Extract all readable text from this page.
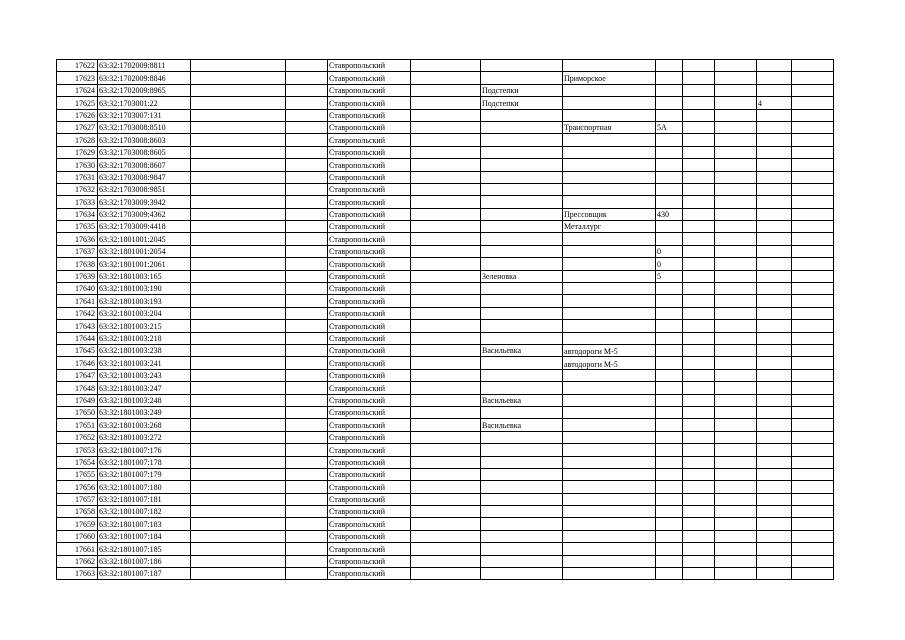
17622	63:32:1702009:8811			Ставропольский								
17623	63:32:1702009:8846			Ставропольский			Приморское					
17624	63:32:1702009:8965			Ставропольский		Подстепки						
17625	63:32:1703001:22			Ставропольский		Подстепки					4	
17626	63:32:1703007:131			Ставропольский								
17627	63:32:1703008:8510			Ставропольский			Транспортная	5А				
17628	63:32:1703008:8603			Ставропольский								
17629	63:32:1703008:8605			Ставропольский								
17630	63:32:1703008:8607			Ставропольский								
17631	63:32:1703008:9847			Ставропольский								
17632	63:32:1703008:9851			Ставропольский								
17633	63:32:1703009:3942			Ставропольский								
17634	63:32:1703009:4362			Ставропольский			Прессовщик	430				
17635	63:32:1703009:4418			Ставропольский			Металлург					
17636	63:32:1801001:2045			Ставропольский								
17637	63:32:1801001:2054			Ставропольский				0				
17638	63:32:1801001:2061			Ставропольский				0				
17639	63:32:1801003:165			Ставропольский		Зеленовка		5				
17640	63:32:1801003:190			Ставропольский								
17641	63:32:1801003:193			Ставропольский								
17642	63:32:1801003:204			Ставропольский								
17643	63:32:1801003:215			Ставропольский								
17644	63:32:1801003:218			Ставропольский								
17645	63:32:1801003:238			Ставропольский		Васильевка	автодороги М-5					

17646	63:32:1801003:241			Ставропольский			автодороги М-5					

17647	63:32:1801003:243			Ставропольский								
17648	63:32:1801003:247			Ставропольский								
17649	63:32:1801003:248			Ставропольский		Васильевка						
17650	63:32:1801003:249			Ставропольский								
17651	63:32:1801003:268			Ставропольский		Васильевка						
17652	63:32:1801003:272			Ставропольский								
17653	63:32:1801007:176			Ставропольский								
17654	63:32:1801007:178			Ставропольский								
17655	63:32:1801007:179			Ставропольский								
17656	63:32:1801007:180			Ставропольский								
17657	63:32:1801007:181			Ставропольский								
17658	63:32:1801007:182			Ставропольский								
17659	63:32:1801007:183			Ставропольский								
17660	63:32:1801007:184			Ставропольский								
17661	63:32:1801007:185			Ставропольский								
17662	63:32:1801007:186			Ставропольский								
17663	63:32:1801007:187			Ставропольский								
